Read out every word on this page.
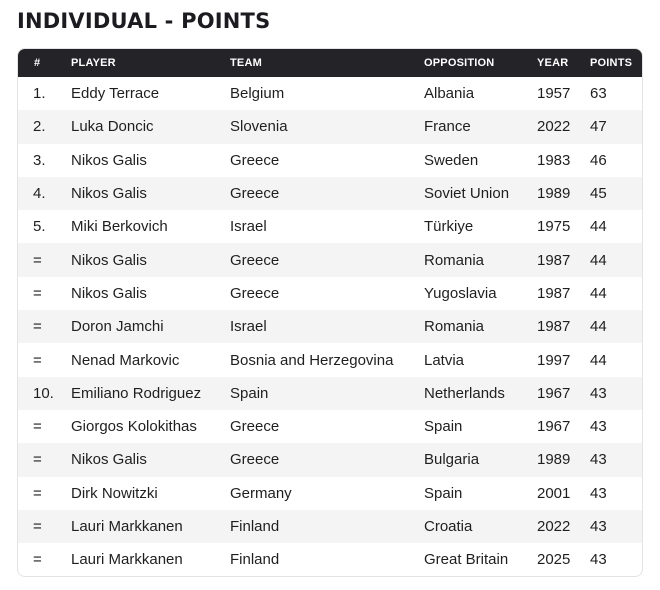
INDIVIDUAL - POINTS
#	PLAYER	TEAM	OPPOSITION	YEAR	POINTS
1.	Eddy Terrace	Belgium	Albania	1957	63
2.	Luka Doncic	Slovenia	France	2022	47
3.	Nikos Galis	Greece	Sweden	1983	46
4.	Nikos Galis	Greece	Soviet Union	1989	45
5.	Miki Berkovich	Israel	Türkiye	1975	44
=	Nikos Galis	Greece	Romania	1987	44
=	Nikos Galis	Greece	Yugoslavia	1987	44
=	Doron Jamchi	Israel	Romania	1987	44
=	Nenad Markovic	Bosnia and Herzegovina	Latvia	1997	44
10.	Emiliano Rodriguez	Spain	Netherlands	1967	43
=	Giorgos Kolokithas	Greece	Spain	1967	43
=	Nikos Galis	Greece	Bulgaria	1989	43
=	Dirk Nowitzki	Germany	Spain	2001	43
=	Lauri Markkanen	Finland	Croatia	2022	43
=	Lauri Markkanen	Finland	Great Britain	2025	43
